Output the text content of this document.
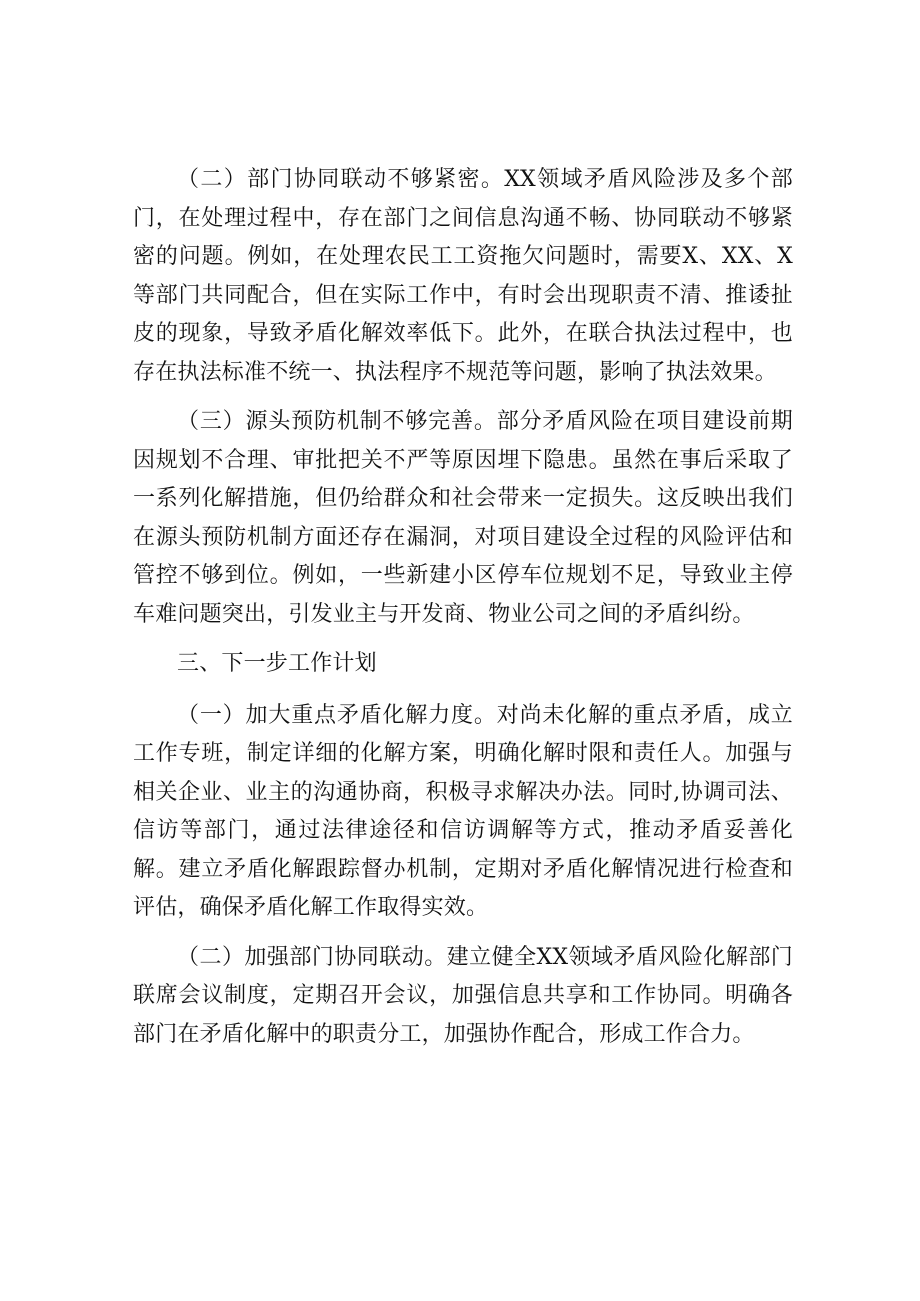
（二）部门协同联动不够紧密。XX领域矛盾风险涉及多个部门，在处理过程中，存在部门之间信息沟通不畅、协同联动不够紧密的问题。例如，在处理农民工工资拖欠问题时，需要X、XX、X等部门共同配合，但在实际工作中，有时会出现职责不清、推诿扯皮的现象，导致矛盾化解效率低下。此外，在联合执法过程中，也存在执法标准不统一、执法程序不规范等问题，影响了执法效果。

（三）源头预防机制不够完善。部分矛盾风险在项目建设前期因规划不合理、审批把关不严等原因埋下隐患。虽然在事后采取了一系列化解措施，但仍给群众和社会带来一定损失。这反映出我们在源头预防机制方面还存在漏洞，对项目建设全过程的风险评估和管控不够到位。例如，一些新建小区停车位规划不足，导致业主停车难问题突出，引发业主与开发商、物业公司之间的矛盾纠纷。

三、下一步工作计划

（一）加大重点矛盾化解力度。对尚未化解的重点矛盾，成立工作专班，制定详细的化解方案，明确化解时限和责任人。加强与相关企业、业主的沟通协商，积极寻求解决办法。同时,协调司法、信访等部门，通过法律途径和信访调解等方式，推动矛盾妥善化解。建立矛盾化解跟踪督办机制，定期对矛盾化解情况进行检查和评估，确保矛盾化解工作取得实效。

（二）加强部门协同联动。建立健全XX领域矛盾风险化解部门联席会议制度，定期召开会议，加强信息共享和工作协同。明确各部门在矛盾化解中的职责分工，加强协作配合，形成工作合力。
